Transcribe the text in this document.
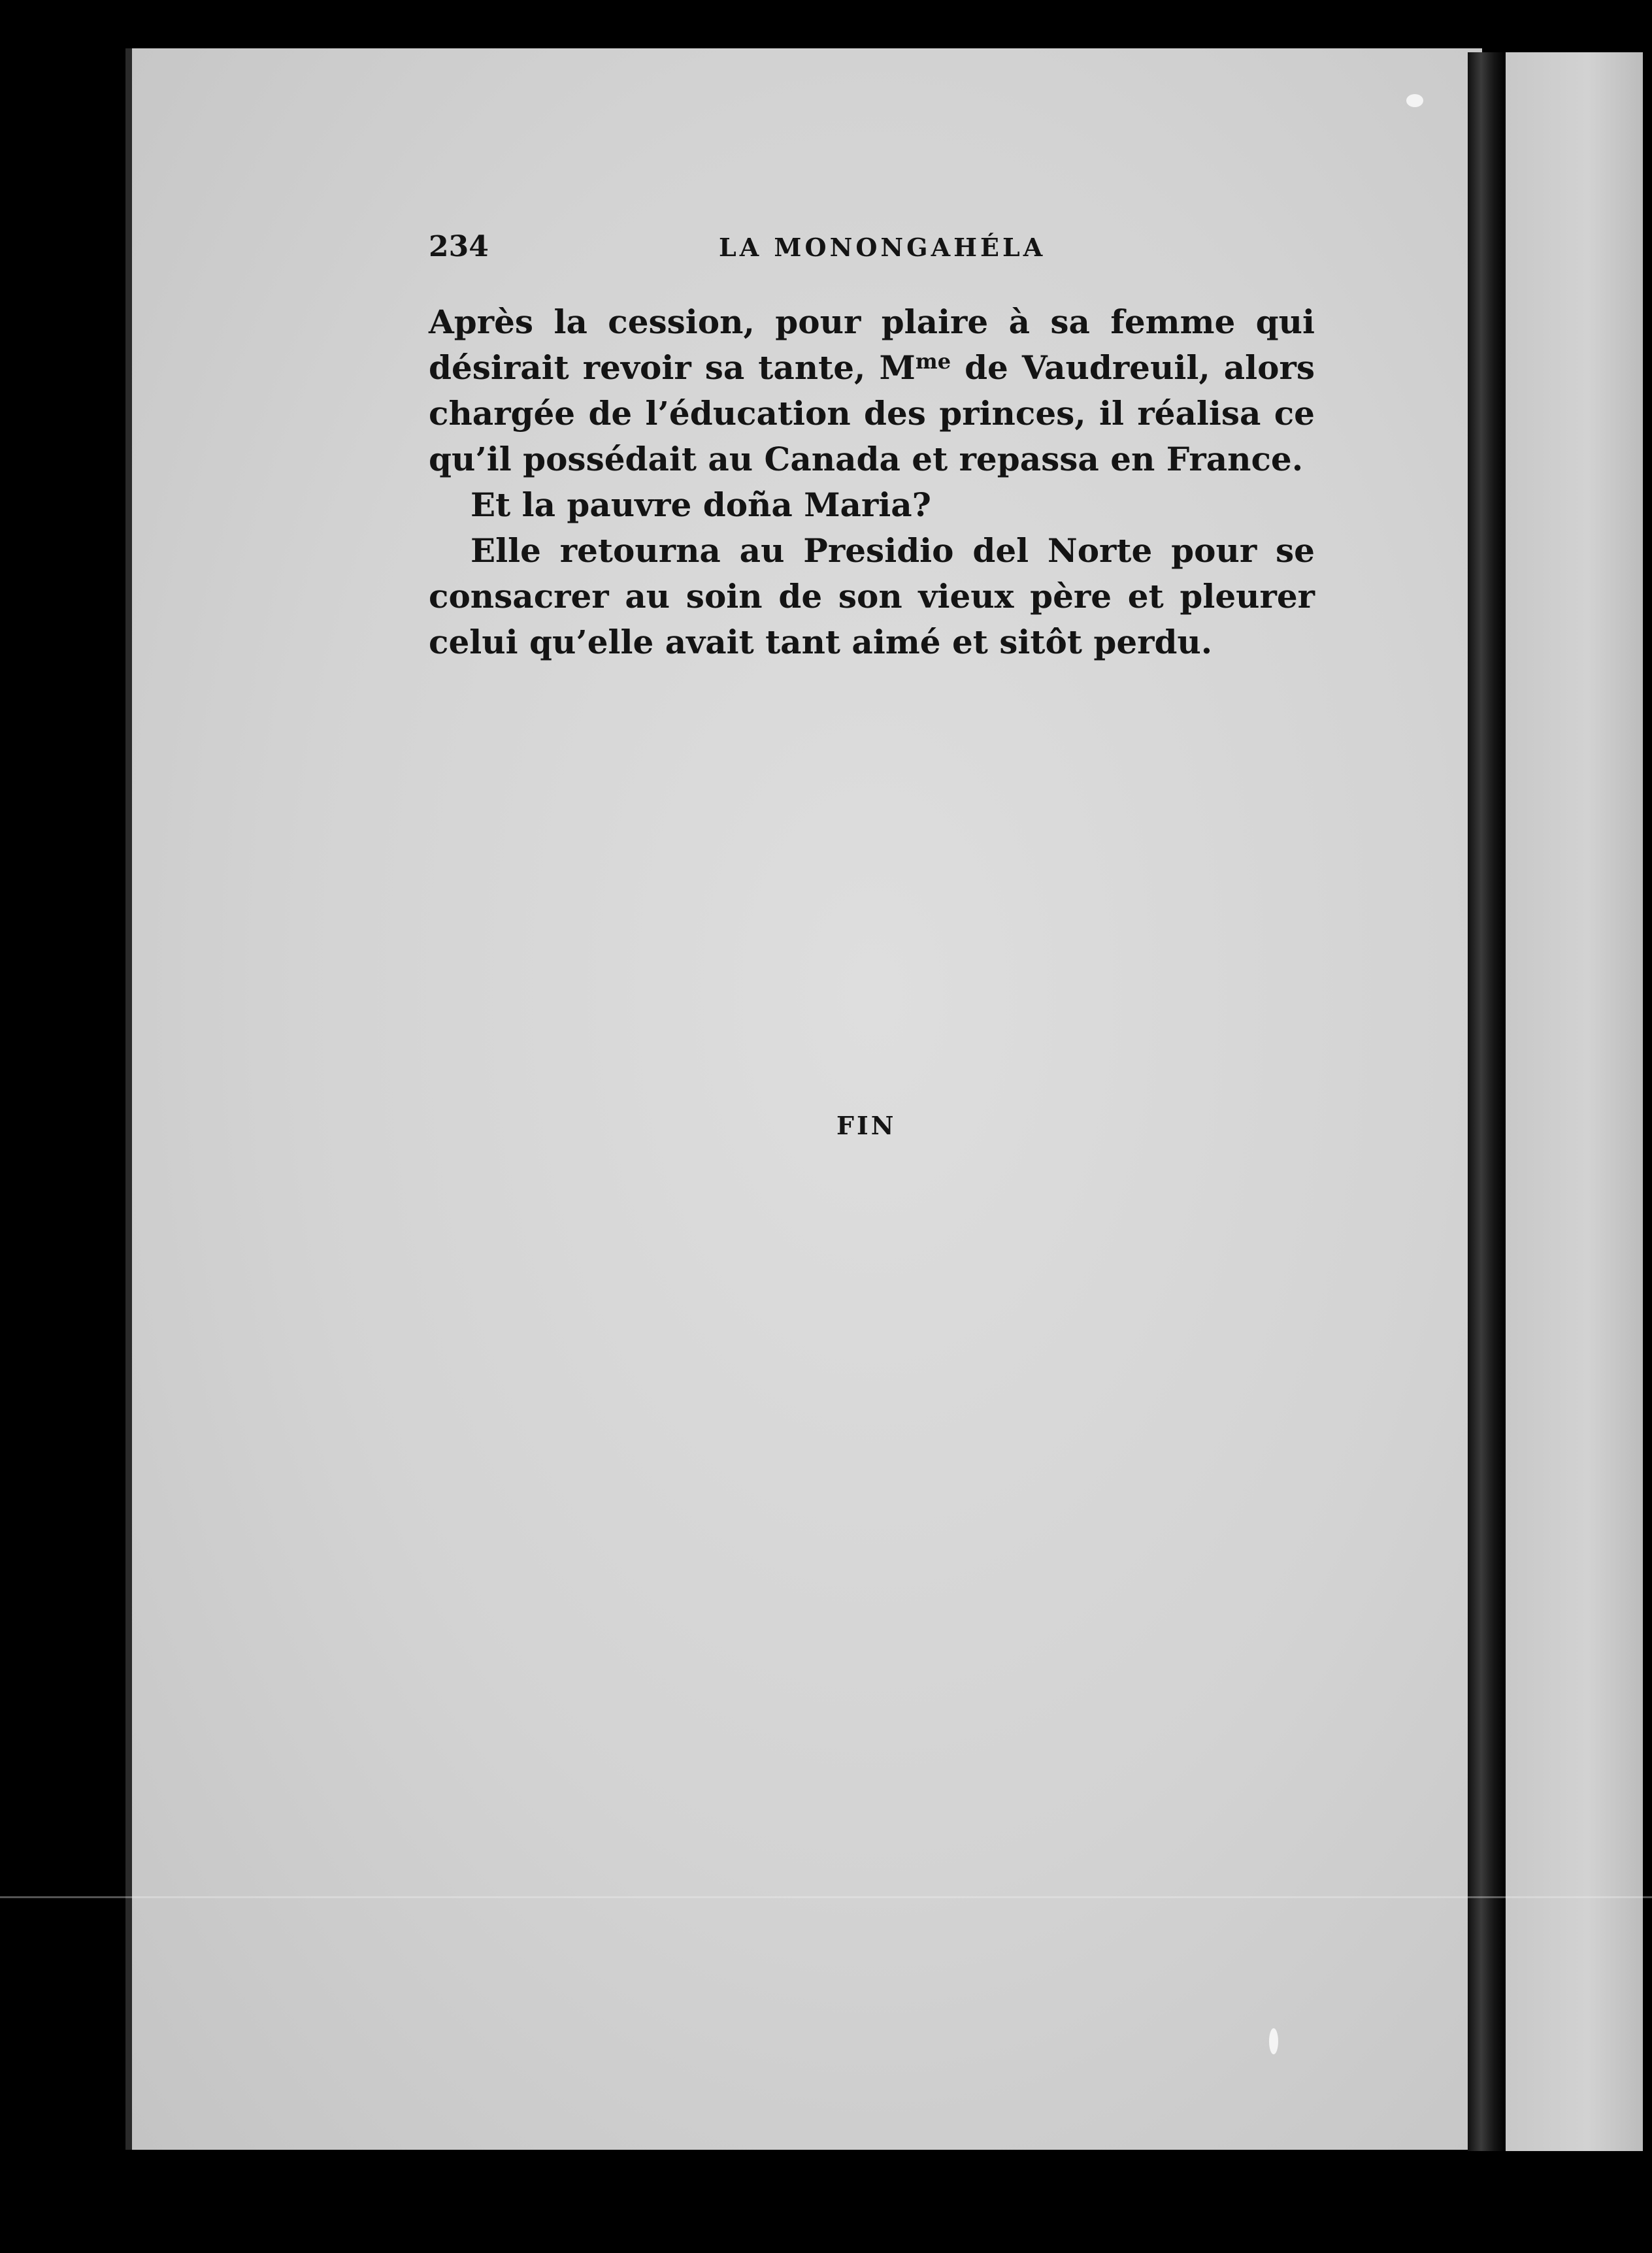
234	LA MONONGAHÉLA

Après la cession, pour plaire à sa femme qui désirait revoir sa tante, $M^{me}$ de Vaudreuil, alors chargée de l’éducation des princes, il réalisa ce qu’il possédait au Canada et repassa en France.

Et la pauvre doña Maria?

Elle retourna au Presidio del Norte pour se consacrer au soin de son vieux père et pleurer celui qu’elle avait tant aimé et sitôt perdu.

FIN
